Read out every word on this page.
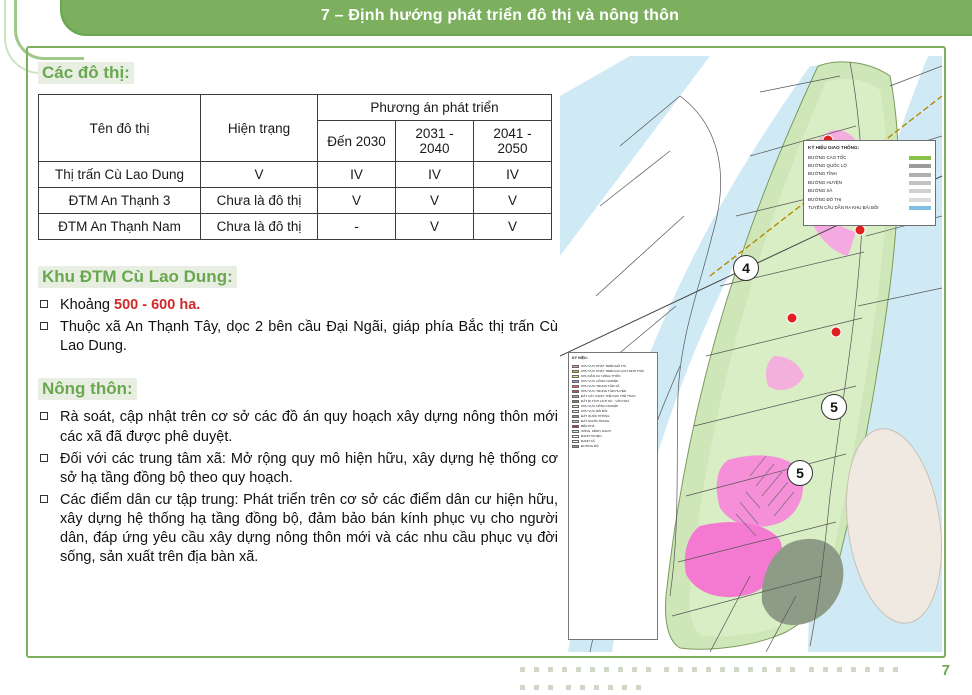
7 – Định hướng phát triển đô thị và nông thôn
Các đô thị:
Tên đô thị	Hiện trạng	Phương án phát triển		
		Đến 2030	2031 - 2040	2041 - 2050
Thị trấn Cù Lao Dung	V	IV	IV	IV
ĐTM An Thạnh 3	Chưa là đô thị	V	V	V
ĐTM An Thạnh Nam	Chưa là đô thị	-	V	V
Khu ĐTM Cù Lao Dung:
Khoảng 500 - 600 ha.
Thuộc xã An Thạnh Tây, dọc 2 bên cầu Đại Ngãi, giáp phía Bắc thị trấn Cù Lao Dung.
Nông thôn:
Rà soát, cập nhật trên cơ sở các đồ án quy hoạch xây dựng nông thôn mới các xã đã được phê duyệt.
Đối với các trung tâm xã: Mở rộng quy mô hiện hữu, xây dựng hệ thống cơ sở hạ tầng đồng bộ theo quy hoạch.
Các điểm dân cư tập trung: Phát triển trên cơ sở các điểm dân cư hiện hữu, xây dựng hệ thống hạ tầng đồng bộ, đảm bảo bán kính phục vụ cho người dân, đáp ứng yêu cầu xây dựng nông thôn mới và các nhu cầu phục vụ đời sống, sản xuất trên địa bàn xã.
KÝ HIỆU GIAO THÔNG:
ĐƯỜNG CAO TỐC
ĐƯỜNG QUỐC LỘ
ĐƯỜNG TỈNH
ĐƯỜNG HUYỆN
ĐƯỜNG XÃ
ĐƯỜNG ĐÔ THỊ
TUYẾN CẦU DẪN RA KHU BÃI BỒI
KÝ HIỆU:
KHU VỰC PHÁT TRIỂN ĐÔ THỊ
KHU VỰC PHÁT TRIỂN DU LỊCH SINH THÁI
KHU DÂN CƯ NÔNG THÔN
KHU VỰC CÔNG NGHIỆP
KHU VỰC TRUNG TÂM XÃ
KHU VỰC TRUNG TÂM HUYỆN
ĐẤT CÂY XANH, THỂ DỤC THỂ THAO
ĐẤT DI TÍCH LỊCH SỬ - VĂN HOÁ
KHU VỰC NÔNG NGHIỆP
KHU VỰC BÃI BỒI
ĐẤT QUỐC PHÒNG
ĐẤT NGHĨA TRANG
BẾN PHÀ
SÔNG, KÊNH, RẠCH
RANH HUYỆN
RANH XÃ
ĐƯỜNG BỘ
4
5
5

7
